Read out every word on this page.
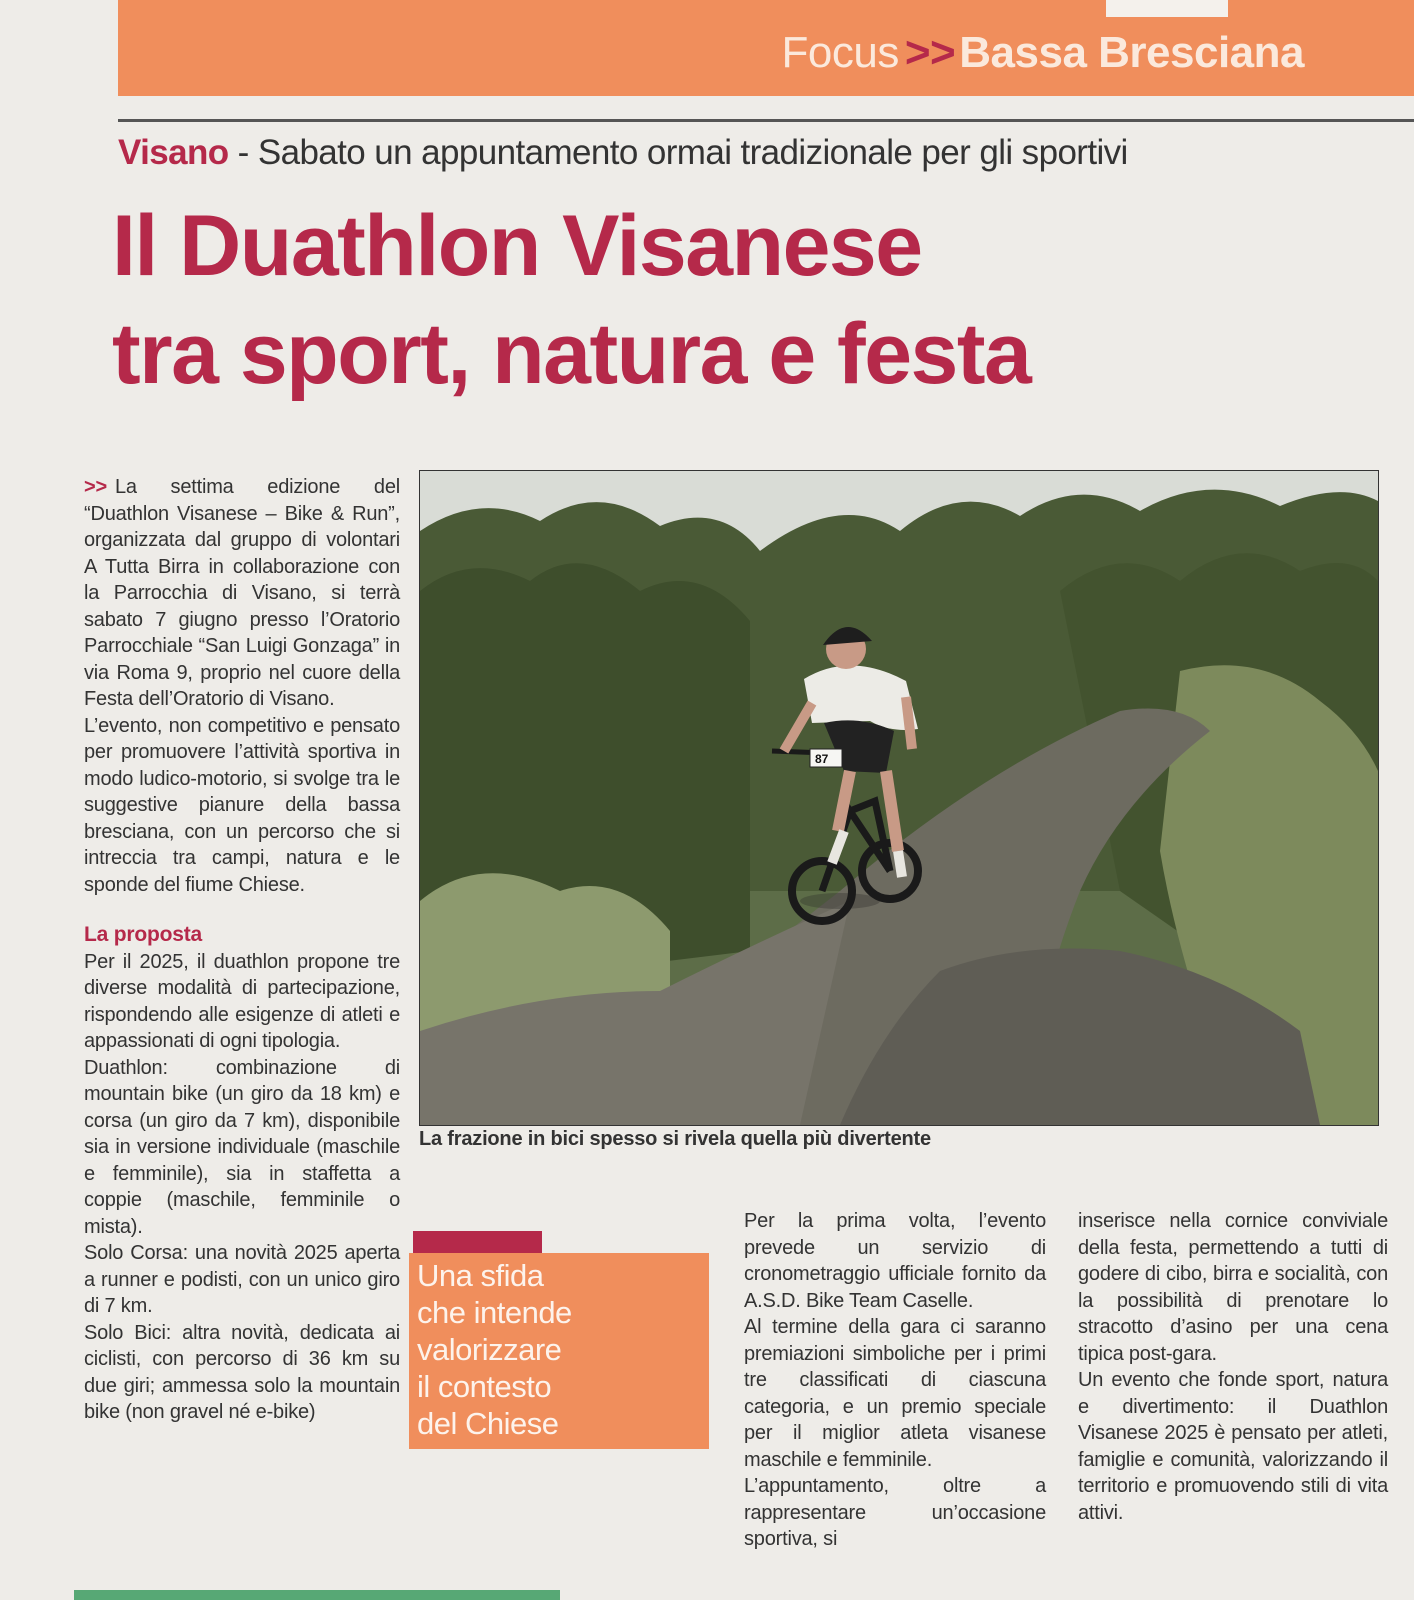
Focus >>Bassa Bresciana
Visano - Sabato un appuntamento ormai tradizionale per gli sportivi
Il Duathlon Visanese
tra sport, natura e festa

>> La settima edizione del “Duathlon Visanese – Bike & Run”, organizzata dal gruppo di volontari A Tutta Birra in collaborazione con la Parrocchia di Visano, si terrà sabato 7 giugno presso l’Oratorio Parrocchiale “San Luigi Gonzaga” in via Roma 9, proprio nel cuore della Festa dell’Oratorio di Visano.

L’evento, non competitivo e pensato per promuovere l’attività sportiva in modo ludico-motorio, si svolge tra le suggestive pianure della bassa bresciana, con un percorso che si intreccia tra campi, natura e le sponde del fiume Chiese.

La proposta

Per il 2025, il duathlon propone tre diverse modalità di partecipazione, rispondendo alle esigenze di atleti e appassionati di ogni tipologia.

Duathlon: combinazione di mountain bike (un giro da 18 km) e corsa (un giro da 7 km), disponibile sia in versione individuale (maschile e femminile), sia in staffetta a coppie (maschile, femminile o mista).

Solo Corsa: una novità 2025 aperta a runner e podisti, con un unico giro di 7 km.

Solo Bici: altra novità, dedicata ai ciclisti, con percorso di 36 km su due giri; ammessa solo la mountain bike (non gravel né e-bike)

87
La frazione in bici spesso si rivela quella più divertente
Una sfida
che intende
valorizzare
il contesto
del Chiese

Per la prima volta, l’evento prevede un servizio di cronometraggio ufficiale fornito da A.S.D. Bike Team Caselle.

Al termine della gara ci saranno premiazioni simboliche per i primi tre classificati di ciascuna categoria, e un premio speciale per il miglior atleta visanese maschile e femminile.

L’appuntamento, oltre a rappresentare un’occasione sportiva, si

inserisce nella cornice conviviale della festa, permettendo a tutti di godere di cibo, birra e socialità, con la possibilità di prenotare lo stracotto d’asino per una cena tipica post-gara.

Un evento che fonde sport, natura e divertimento: il Duathlon Visanese 2025 è pensato per atleti, famiglie e comunità, valorizzando il territorio e promuovendo stili di vita attivi.
